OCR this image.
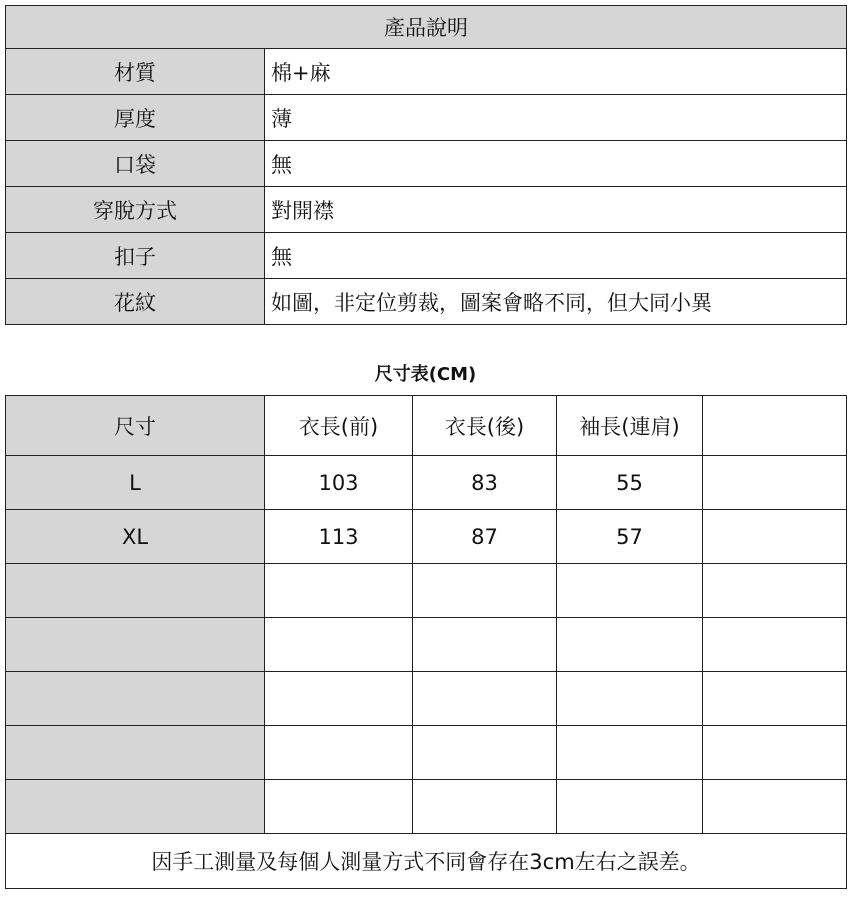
產品說明	
材質	棉+麻
厚度	薄
口袋	無
穿脫方式	對開襟
扣子	無
花紋	如圖，非定位剪裁，圖案會略不同，但大同小異
尺寸表(CM)
尺寸	衣長(前)	衣長(後)	袖長(連肩)	
L	103	83	55	
XL	113	87	57	

因手工測量及每個人測量方式不同會存在3cm左右之誤差。				
